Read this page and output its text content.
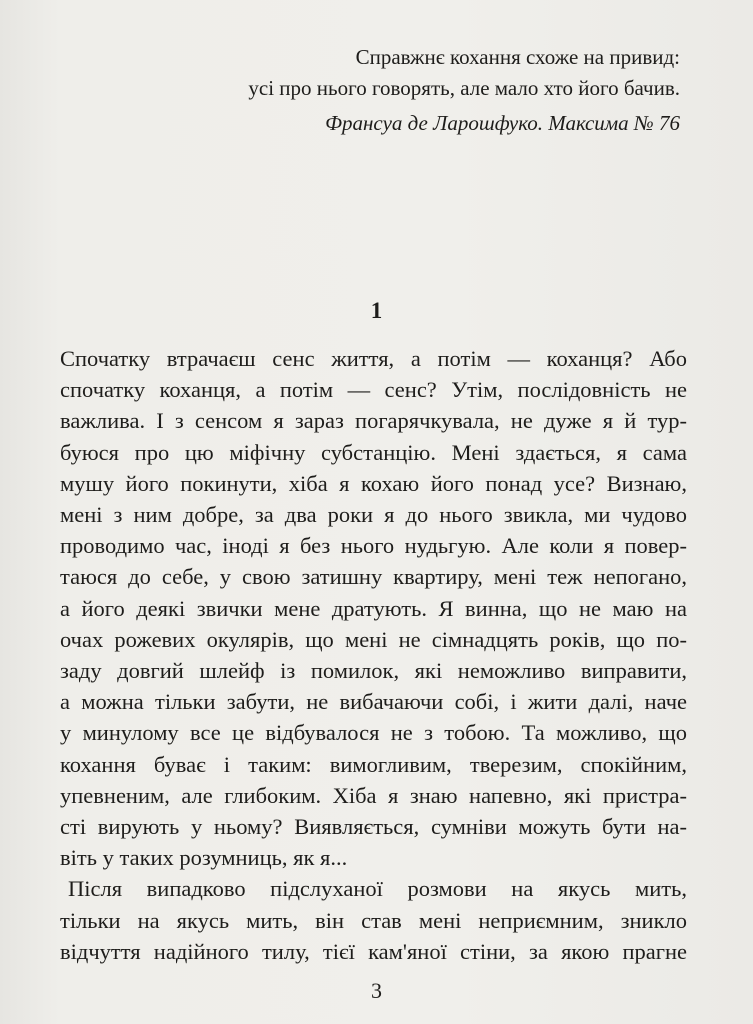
Справжнє кохання схоже на привид:
усі про нього говорять, але мало хто його бачив.
Франсуа де Ларошфуко. Максима № 76
1
Спочатку втрачаєш сенс життя, а потім — коханця? Або
спочатку коханця, а потім — сенс? Утім, послідовність не
важлива. І з сенсом я зараз погарячкувала, не дуже я й тур-
буюся про цю міфічну субстанцію. Мені здається, я сама
мушу його покинути, хіба я кохаю його понад усе? Визнаю,
мені з ним добре, за два роки я до нього звикла, ми чудово
проводимо час, іноді я без нього нудьгую. Але коли я повер-
таюся до себе, у свою затишну квартиру, мені теж непогано,
а його деякі звички мене дратують. Я винна, що не маю на
очах рожевих окулярів, що мені не сімнадцять років, що по-
заду довгий шлейф із помилок, які неможливо виправити,
а можна тільки забути, не вибачаючи собі, і жити далі, наче
у минулому все це відбувалося не з тобою. Та можливо, що
кохання буває і таким: вимогливим, тверезим, спокійним,
упевненим, але глибоким. Хіба я знаю напевно, які пристра-
сті вирують у ньому? Виявляється, сумніви можуть бути на-
віть у таких розумниць, як я...
Після випадково підслуханої розмови на якусь мить,
тільки на якусь мить, він став мені неприємним, зникло
відчуття надійного тилу, тієї кам'яної стіни, за якою прагне
3
